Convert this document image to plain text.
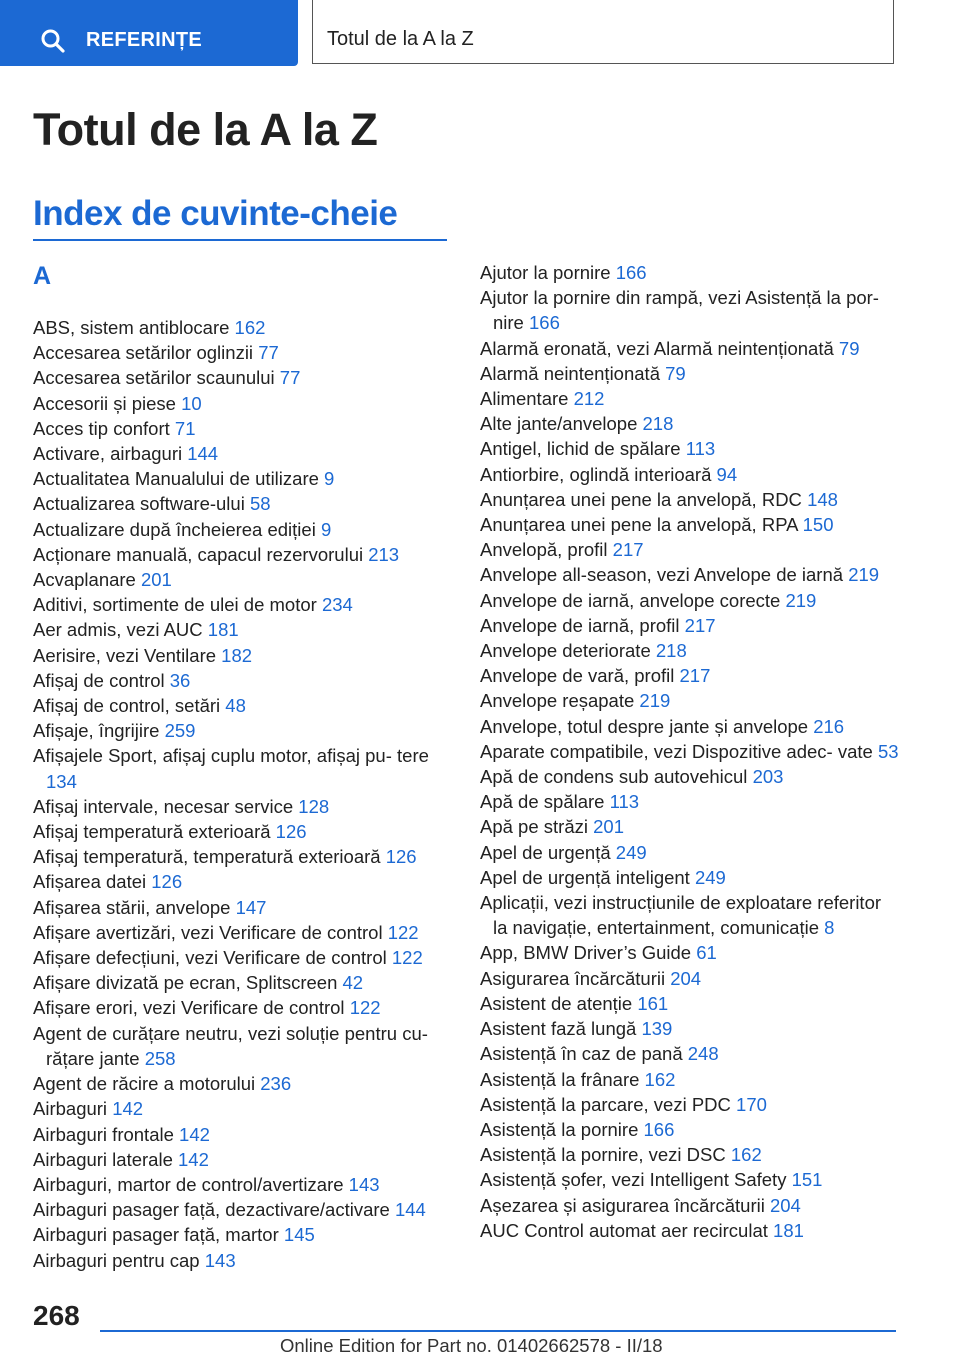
REFERINȚE	Totul de la A la Z
Totul de la A la Z
Index de cuvinte-cheie
A
ABS, sistem antiblocare 162
Accesarea setărilor oglinzii 77
Accesarea setărilor scaunului 77
Accesorii și piese 10
Acces tip confort 71
Activare, airbaguri 144
Actualitatea Manualului de utilizare 9
Actualizarea software-ului 58
Actualizare după încheierea ediției 9
Acționare manuală, capacul rezervorului 213
Acvaplanare 201
Aditivi, sortimente de ulei de motor 234
Aer admis, vezi AUC 181
Aerisire, vezi Ventilare 182
Afișaj de control 36
Afișaj de control, setări 48
Afișaje, îngrijire 259
Afișajele Sport, afișaj cuplu motor, afișaj pu‐ tere 134
Afișaj intervale, necesar service 128
Afișaj temperatură exterioară 126
Afișaj temperatură, temperatură exterioară 126
Afișarea datei 126
Afișarea stării, anvelope 147
Afișare avertizări, vezi Verificare de control 122
Afișare defecțiuni, vezi Verificare de control 122
Afișare divizată pe ecran, Splitscreen 42
Afișare erori, vezi Verificare de control 122
Agent de curățare neutru, vezi soluție pentru cu‐ rățare jante 258
Agent de răcire a motorului 236
Airbaguri 142
Airbaguri frontale 142
Airbaguri laterale 142
Airbaguri, martor de control/avertizare 143
Airbaguri pasager față, dezactivare/activare 144
Airbaguri pasager față, martor 145
Airbaguri pentru cap 143
Ajutor la pornire 166
Ajutor la pornire din rampă, vezi Asistență la por‐ nire 166
Alarmă eronată, vezi Alarmă neintenționată 79
Alarmă neintenționată 79
Alimentare 212
Alte jante/anvelope 218
Antigel, lichid de spălare 113
Antiorbire, oglindă interioară 94
Anunțarea unei pene la anvelopă, RDC 148
Anunțarea unei pene la anvelopă, RPA 150
Anvelopă, profil 217
Anvelope all-season, vezi Anvelope de iarnă 219
Anvelope de iarnă, anvelope corecte 219
Anvelope de iarnă, profil 217
Anvelope deteriorate 218
Anvelope de vară, profil 217
Anvelope reșapate 219
Anvelope, totul despre jante și anvelope 216
Aparate compatibile, vezi Dispozitive adec‐ vate 53
Apă de condens sub autovehicul 203
Apă de spălare 113
Apă pe străzi 201
Apel de urgență 249
Apel de urgență inteligent 249
Aplicații, vezi instrucțiunile de exploatare referitor la navigație, entertainment, comunicație 8
App, BMW Driver’s Guide 61
Asigurarea încărcăturii 204
Asistent de atenție 161
Asistent fază lungă 139
Asistență în caz de pană 248
Asistență la frânare 162
Asistență la parcare, vezi PDC 170
Asistență la pornire 166
Asistență la pornire, vezi DSC 162
Asistență șofer, vezi Intelligent Safety 151
Așezarea și asigurarea încărcăturii 204
AUC Control automat aer recirculat 181
268
Online Edition for Part no. 01402662578 - II/18
